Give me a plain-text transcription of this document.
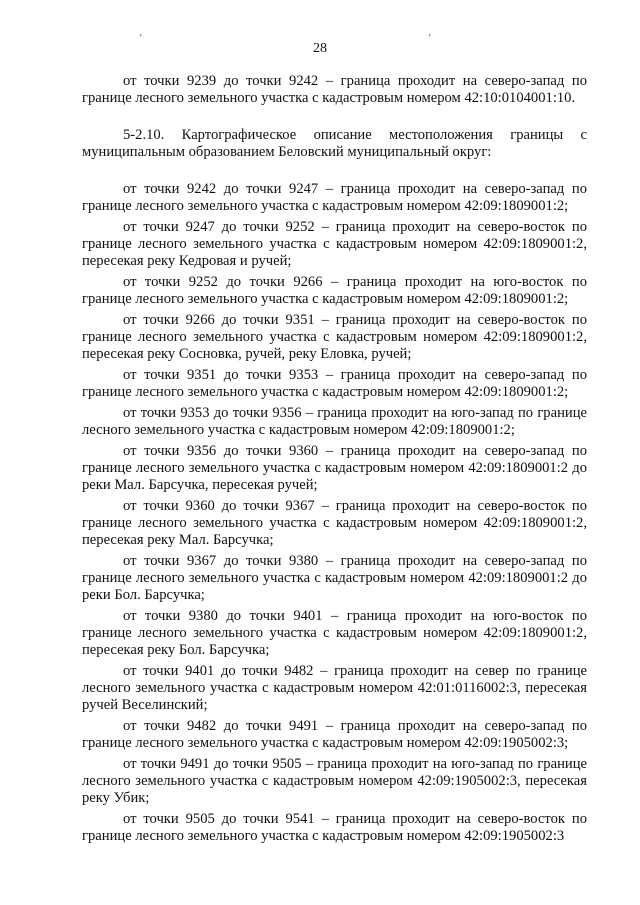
ʼ	ʼ
28

от точки 9239 до точки 9242 – граница проходит на северо-запад по границе лесного земельного участка с кадастровым номером 42:10:0104001:10.

5-2.10. Картографическое описание местоположения границы с муниципальным образованием Беловский муниципальный округ:

от точки 9242 до точки 9247 – граница проходит на северо-запад по границе лесного земельного участка с кадастровым номером 42:09:1809001:2;

от точки 9247 до точки 9252 – граница проходит на северо-восток по границе лесного земельного участка с кадастровым номером 42:09:1809001:2, пересекая реку Кедровая и ручей;

от точки 9252 до точки 9266 – граница проходит на юго-восток по границе лесного земельного участка с кадастровым номером 42:09:1809001:2;

от точки 9266 до точки 9351 – граница проходит на северо-восток по границе лесного земельного участка с кадастровым номером 42:09:1809001:2, пересекая реку Сосновка, ручей, реку Еловка, ручей;

от точки 9351 до точки 9353 – граница проходит на северо-запад по границе лесного земельного участка с кадастровым номером 42:09:1809001:2;

от точки 9353 до точки 9356 – граница проходит на юго-запад по границе лесного земельного участка с кадастровым номером 42:09:1809001:2;

от точки 9356 до точки 9360 – граница проходит на северо-запад по границе лесного земельного участка с кадастровым номером 42:09:1809001:2 до реки Мал. Барсучка, пересекая ручей;

от точки 9360 до точки 9367 – граница проходит на северо-восток по границе лесного земельного участка с кадастровым номером 42:09:1809001:2, пересекая реку Мал. Барсучка;

от точки 9367 до точки 9380 – граница проходит на северо-запад по границе лесного земельного участка с кадастровым номером 42:09:1809001:2 до реки Бол. Барсучка;

от точки 9380 до точки 9401 – граница проходит на юго-восток по границе лесного земельного участка с кадастровым номером 42:09:1809001:2, пересекая реку Бол. Барсучка;

от точки 9401 до точки 9482 – граница проходит на север по границе лесного земельного участка с кадастровым номером 42:01:0116002:3, пересекая ручей Веселинский;

от точки 9482 до точки 9491 – граница проходит на северо-запад по границе лесного земельного участка с кадастровым номером 42:09:1905002:3;

от точки 9491 до точки 9505 – граница проходит на юго-запад по границе лесного земельного участка с кадастровым номером 42:09:1905002:3, пересекая реку Убик;

от точки 9505 до точки 9541 – граница проходит на северо-восток по границе лесного земельного участка с кадастровым номером 42:09:1905002:3
